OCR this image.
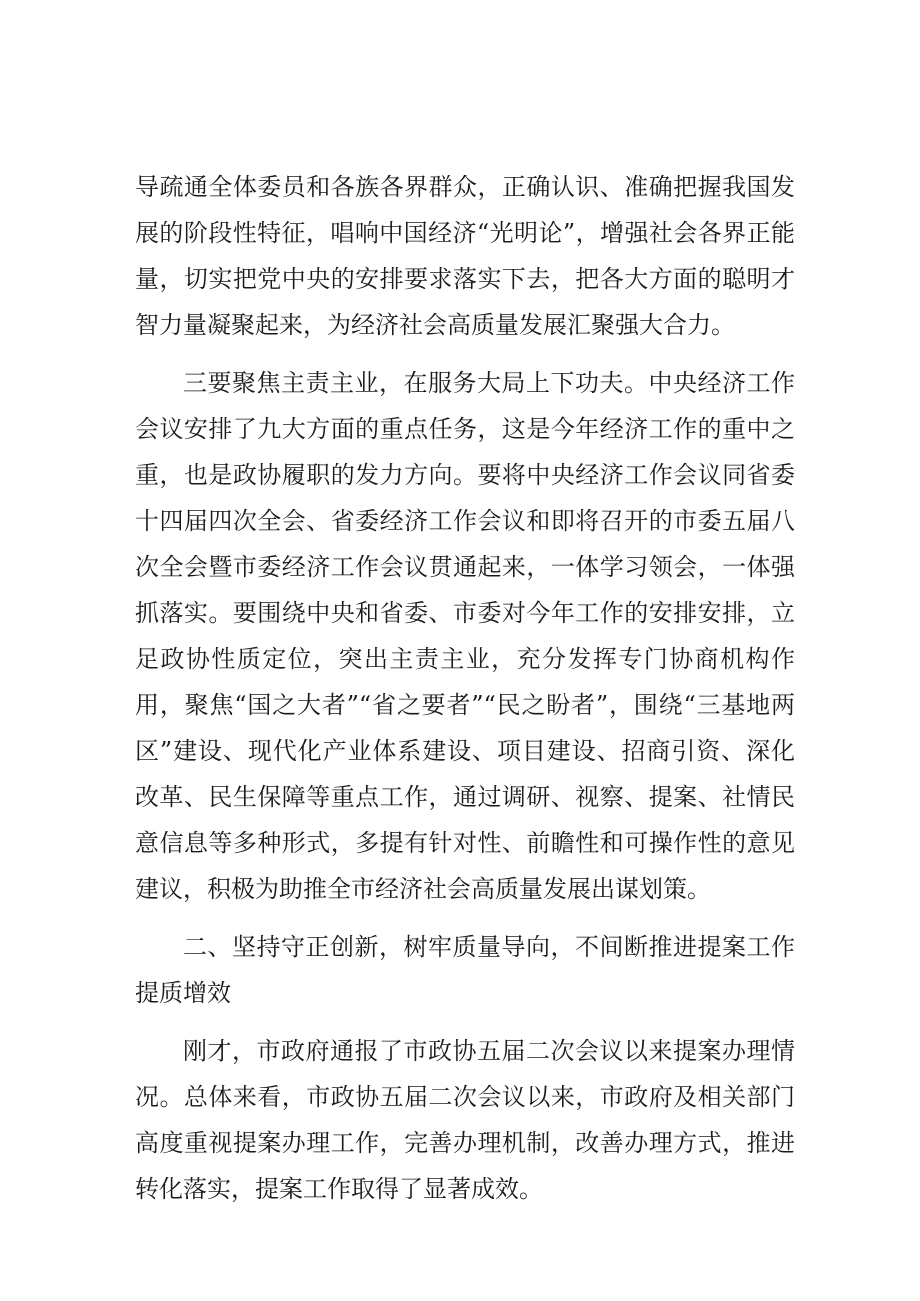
导疏通全体委员和各族各界群众，正确认识、准确把握我国发展的阶段性特征，唱响中国经济“光明论”，增强社会各界正能量，切实把党中央的安排要求落实下去，把各大方面的聪明才智力量凝聚起来，为经济社会高质量发展汇聚强大合力。

三要聚焦主责主业，在服务大局上下功夫。中央经济工作会议安排了九大方面的重点任务，这是今年经济工作的重中之重，也是政协履职的发力方向。要将中央经济工作会议同省委十四届四次全会、省委经济工作会议和即将召开的市委五届八次全会暨市委经济工作会议贯通起来，一体学习领会，一体强抓落实。要围绕中央和省委、市委对今年工作的安排安排，立足政协性质定位，突出主责主业，充分发挥专门协商机构作用，聚焦“国之大者”“省之要者”“民之盼者”，围绕“三基地两区”建设、现代化产业体系建设、项目建设、招商引资、深化改革、民生保障等重点工作，通过调研、视察、提案、社情民意信息等多种形式，多提有针对性、前瞻性和可操作性的意见建议，积极为助推全市经济社会高质量发展出谋划策。

二、坚持守正创新，树牢质量导向，不间断推进提案工作提质增效

刚才，市政府通报了市政协五届二次会议以来提案办理情况。总体来看，市政协五届二次会议以来，市政府及相关部门高度重视提案办理工作，完善办理机制，改善办理方式，推进转化落实，提案工作取得了显著成效。
